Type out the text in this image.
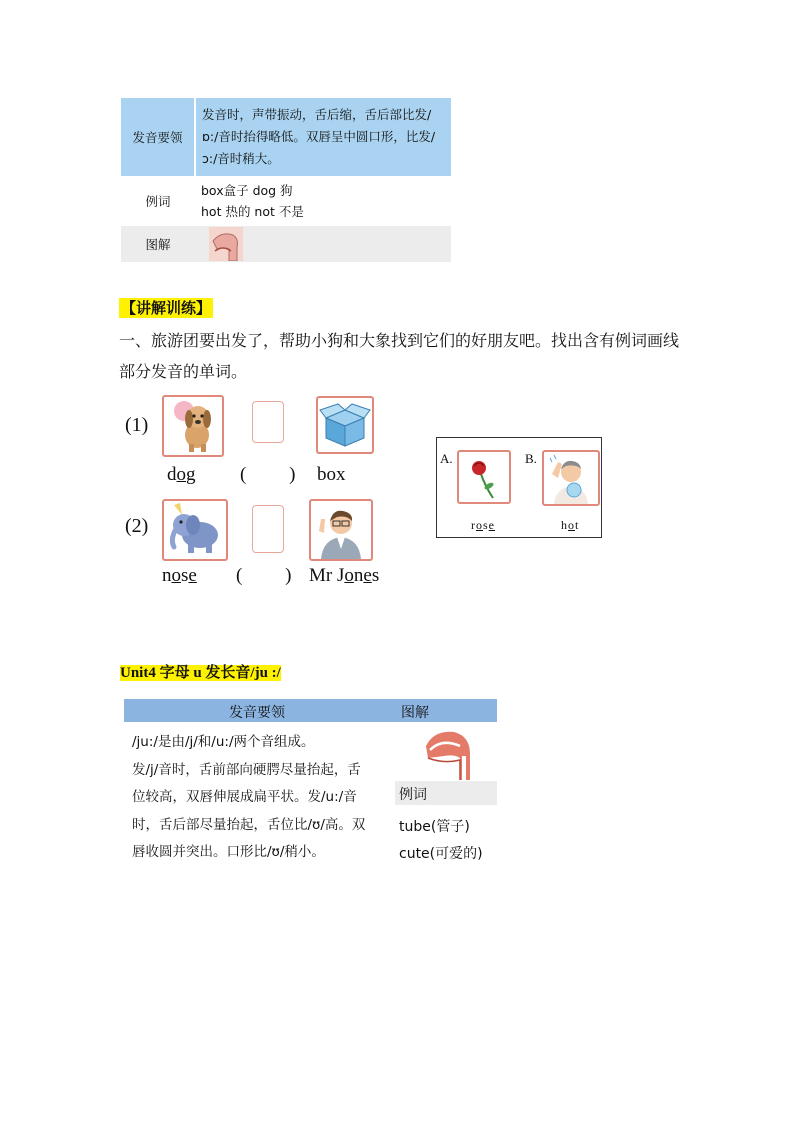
发音要领	发音时，声带振动，舌后缩，舌后部比发/ɒ:/音时抬得略低。双唇呈中圆口形，比发/ɔ:/音时稍大。
例词	box盒子 dog 狗
hot 热的 not 不是

图解	
【讲解训练】
一、旅游团要出发了，帮助小狗和大象找到它们的好朋友吧。找出含有例词画线部分发音的单词。
(1)
dog (         ) box
(2)
nose (         ) Mr Jones
A.
rose
B.
hot
Unit4 字母 u 发长音/ju :/
发音要领	图解
/ju:/是由/j/和/u:/两个音组成。
发/j/音时，舌前部向硬腭尽量抬起，舌
位较高，双唇伸展成扁平状。发/u:/音
时，舌后部尽量抬起，舌位比/ʊ/高。双
唇收圆并突出。口形比/ʊ/稍小。
例词
tube(管子)
cute(可爱的)
